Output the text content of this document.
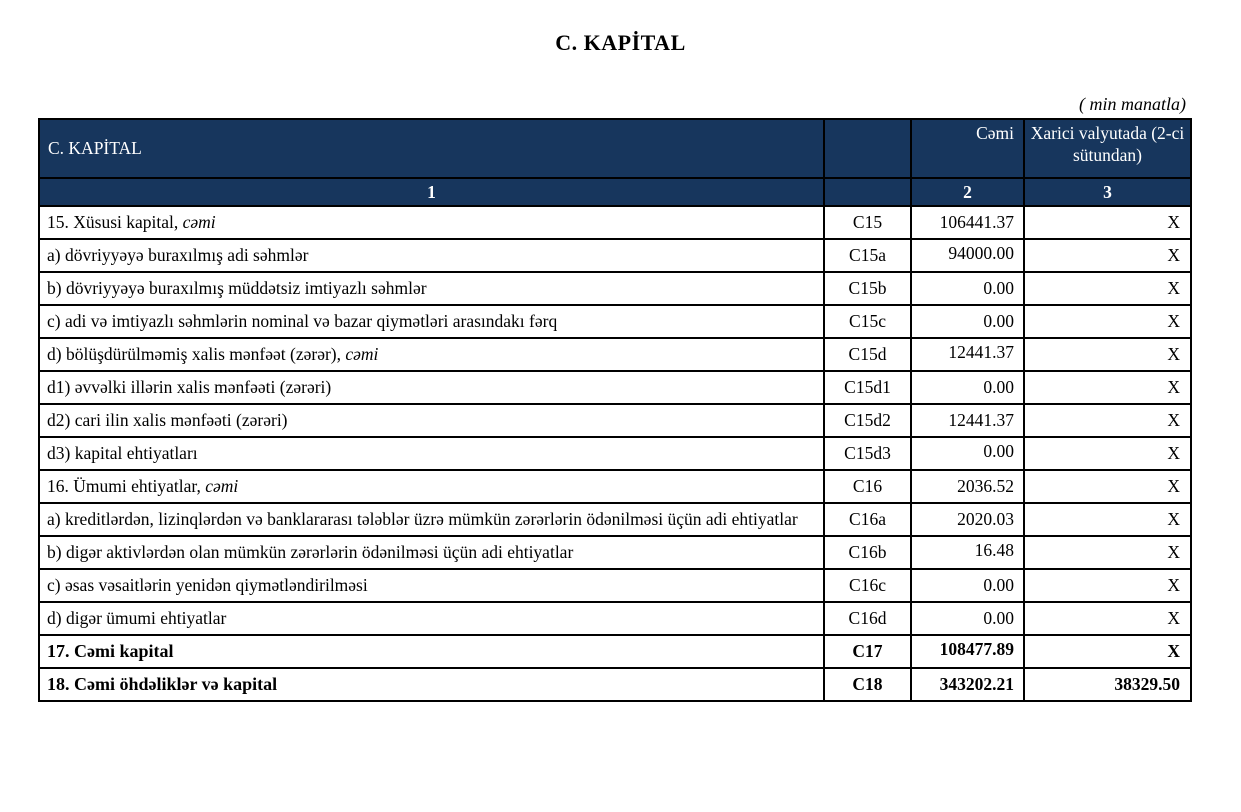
C. KAPİTAL
( min manatla)
C. KAPİTAL		Cəmi	Xarici valyutada (2-ci sütundan)
1		2	3
15. Xüsusi kapital, cəmi	C15	106441.37	X
a) dövriyyəyə buraxılmış adi səhmlər	C15a	94000.00	X
b) dövriyyəyə buraxılmış müddətsiz imtiyazlı səhmlər	C15b	0.00	X
c) adi və imtiyazlı səhmlərin nominal və bazar qiymətləri arasındakı fərq	C15c	0.00	X
d) bölüşdürülməmiş xalis mənfəət (zərər), cəmi	C15d	12441.37	X
d1) əvvəlki illərin xalis mənfəəti (zərəri)	C15d1	0.00	X
d2) cari ilin xalis mənfəəti (zərəri)	C15d2	12441.37	X
d3) kapital ehtiyatları	C15d3	0.00	X
16. Ümumi ehtiyatlar, cəmi	C16	2036.52	X
a) kreditlərdən, lizinqlərdən və banklararası tələblər üzrə mümkün zərərlərin ödənilməsi üçün adi ehtiyatlar	C16a	2020.03	X
b) digər aktivlərdən olan mümkün zərərlərin ödənilməsi üçün adi ehtiyatlar	C16b	16.48	X
c) əsas vəsaitlərin yenidən qiymətləndirilməsi	C16c	0.00	X
d) digər ümumi ehtiyatlar	C16d	0.00	X
17. Cəmi kapital	C17	108477.89	X
18. Cəmi öhdəliklər və kapital	C18	343202.21	38329.50
